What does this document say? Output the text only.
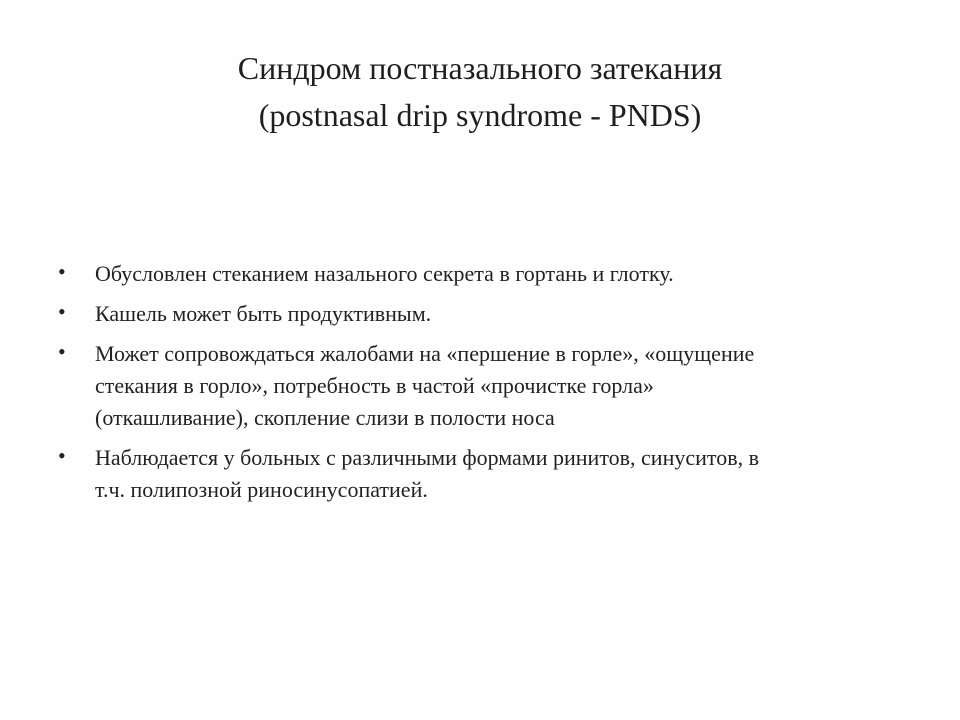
Синдром постназального затекания
(postnasal drip syndrome - PNDS)
• Обусловлен стеканием назального секрета в гортань и глотку.
• Кашель может быть продуктивным.
• Может сопровождаться жалобами на «першение в горле», «ощущение
стекания в горло», потребность в частой «прочистке горла»
(откашливание), скопление слизи в полости носа
• Наблюдается у больных с различными формами ринитов, синуситов, в
т.ч. полипозной риносинусопатией.
